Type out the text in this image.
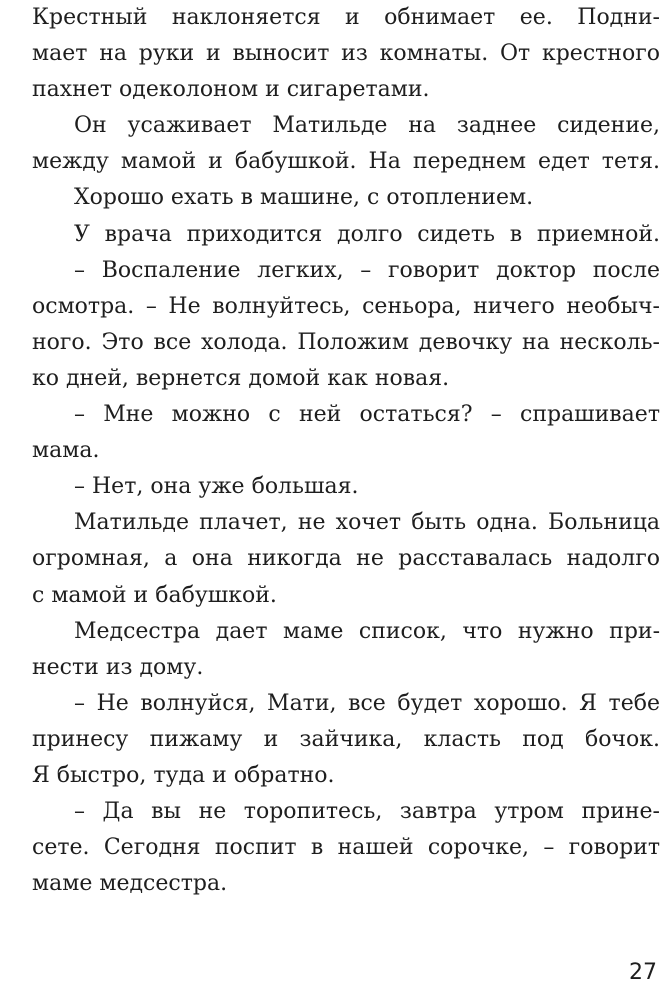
Крестный наклоняется и обнимает ее. Подни-
мает на руки и выносит из комнаты. От крестного
пахнет одеколоном и сигаретами.
Он усаживает Матильде на заднее сидение,
между мамой и бабушкой. На переднем едет тетя.
Хорошо ехать в машине, с отоплением.
У врача приходится долго сидеть в приемной.
– Воспаление легких, – говорит доктор после
осмотра. – Не волнуйтесь, сеньора, ничего необыч-
ного. Это все холода. Положим девочку на несколь-
ко дней, вернется домой как новая.
– Мне можно с ней остаться? – спрашивает
мама.
– Нет, она уже большая.
Матильде плачет, не хочет быть одна. Больница
огромная, а она никогда не расставалась надолго
с мамой и бабушкой.
Медсестра дает маме список, что нужно при-
нести из дому.
– Не волнуйся, Мати, все будет хорошо. Я тебе
принесу пижаму и зайчика, класть под бочок.
Я быстро, туда и обратно.
– Да вы не торопитесь, завтра утром прине-
сете. Сегодня поспит в нашей сорочке, – говорит
маме медсестра.
27
